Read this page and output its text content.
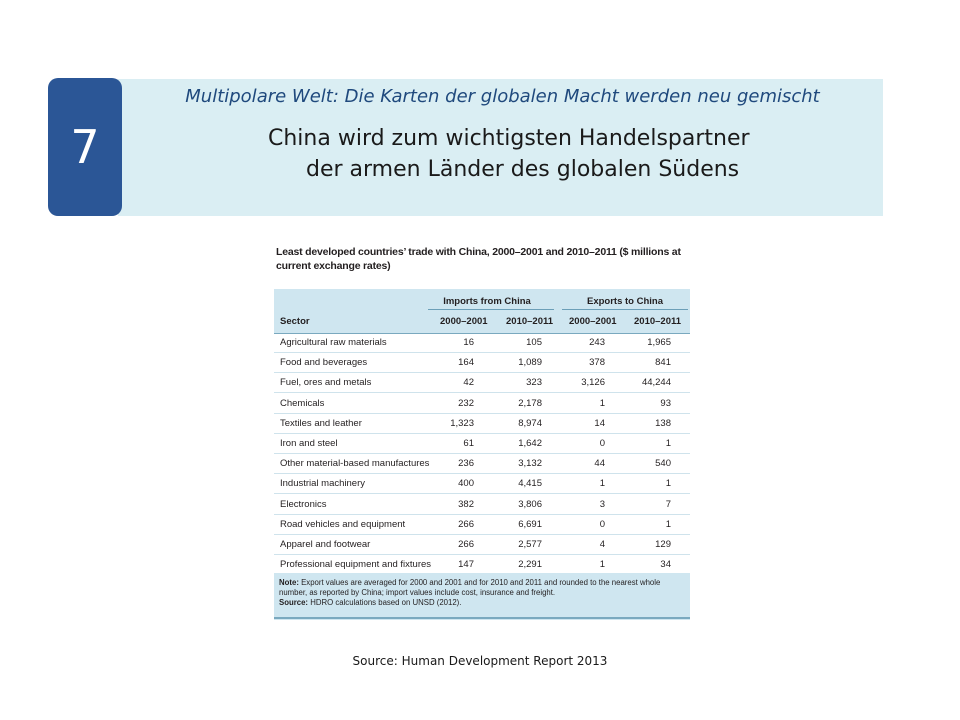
7
Multipolare Welt: Die Karten der globalen Macht werden neu gemischt
China wird zum wichtigsten Handelspartner
der armen Länder des globalen Südens
Least developed countries’ trade with China, 2000–2001 and 2010–2011 ($ millions at current exchange rates)
Imports from China	Exports to China
Sector	2000–2001 2010–2011 2000–2001 2010–2011
Agricultural raw materials	16	105	243	1,965
Food and beverages	164	1,089	378	841
Fuel, ores and metals	42	323	3,126	44,244
Chemicals	232	2,178	1	93
Textiles and leather	1,323	8,974	14	138
Iron and steel	61	1,642	0	1
Other material-based manufactures	236	3,132	44	540
Industrial machinery	400	4,415	1	1
Electronics	382	3,806	3	7
Road vehicles and equipment	266	6,691	0	1
Apparel and footwear	266	2,577	4	129
Professional equipment and fixtures	147	2,291	1	34
Note: Export values are averaged for 2000 and 2001 and for 2010 and 2011 and rounded to the nearest whole number, as reported by China; import values include cost, insurance and freight.
Source: HDRO calculations based on UNSD (2012).
Source: Human Development Report 2013
